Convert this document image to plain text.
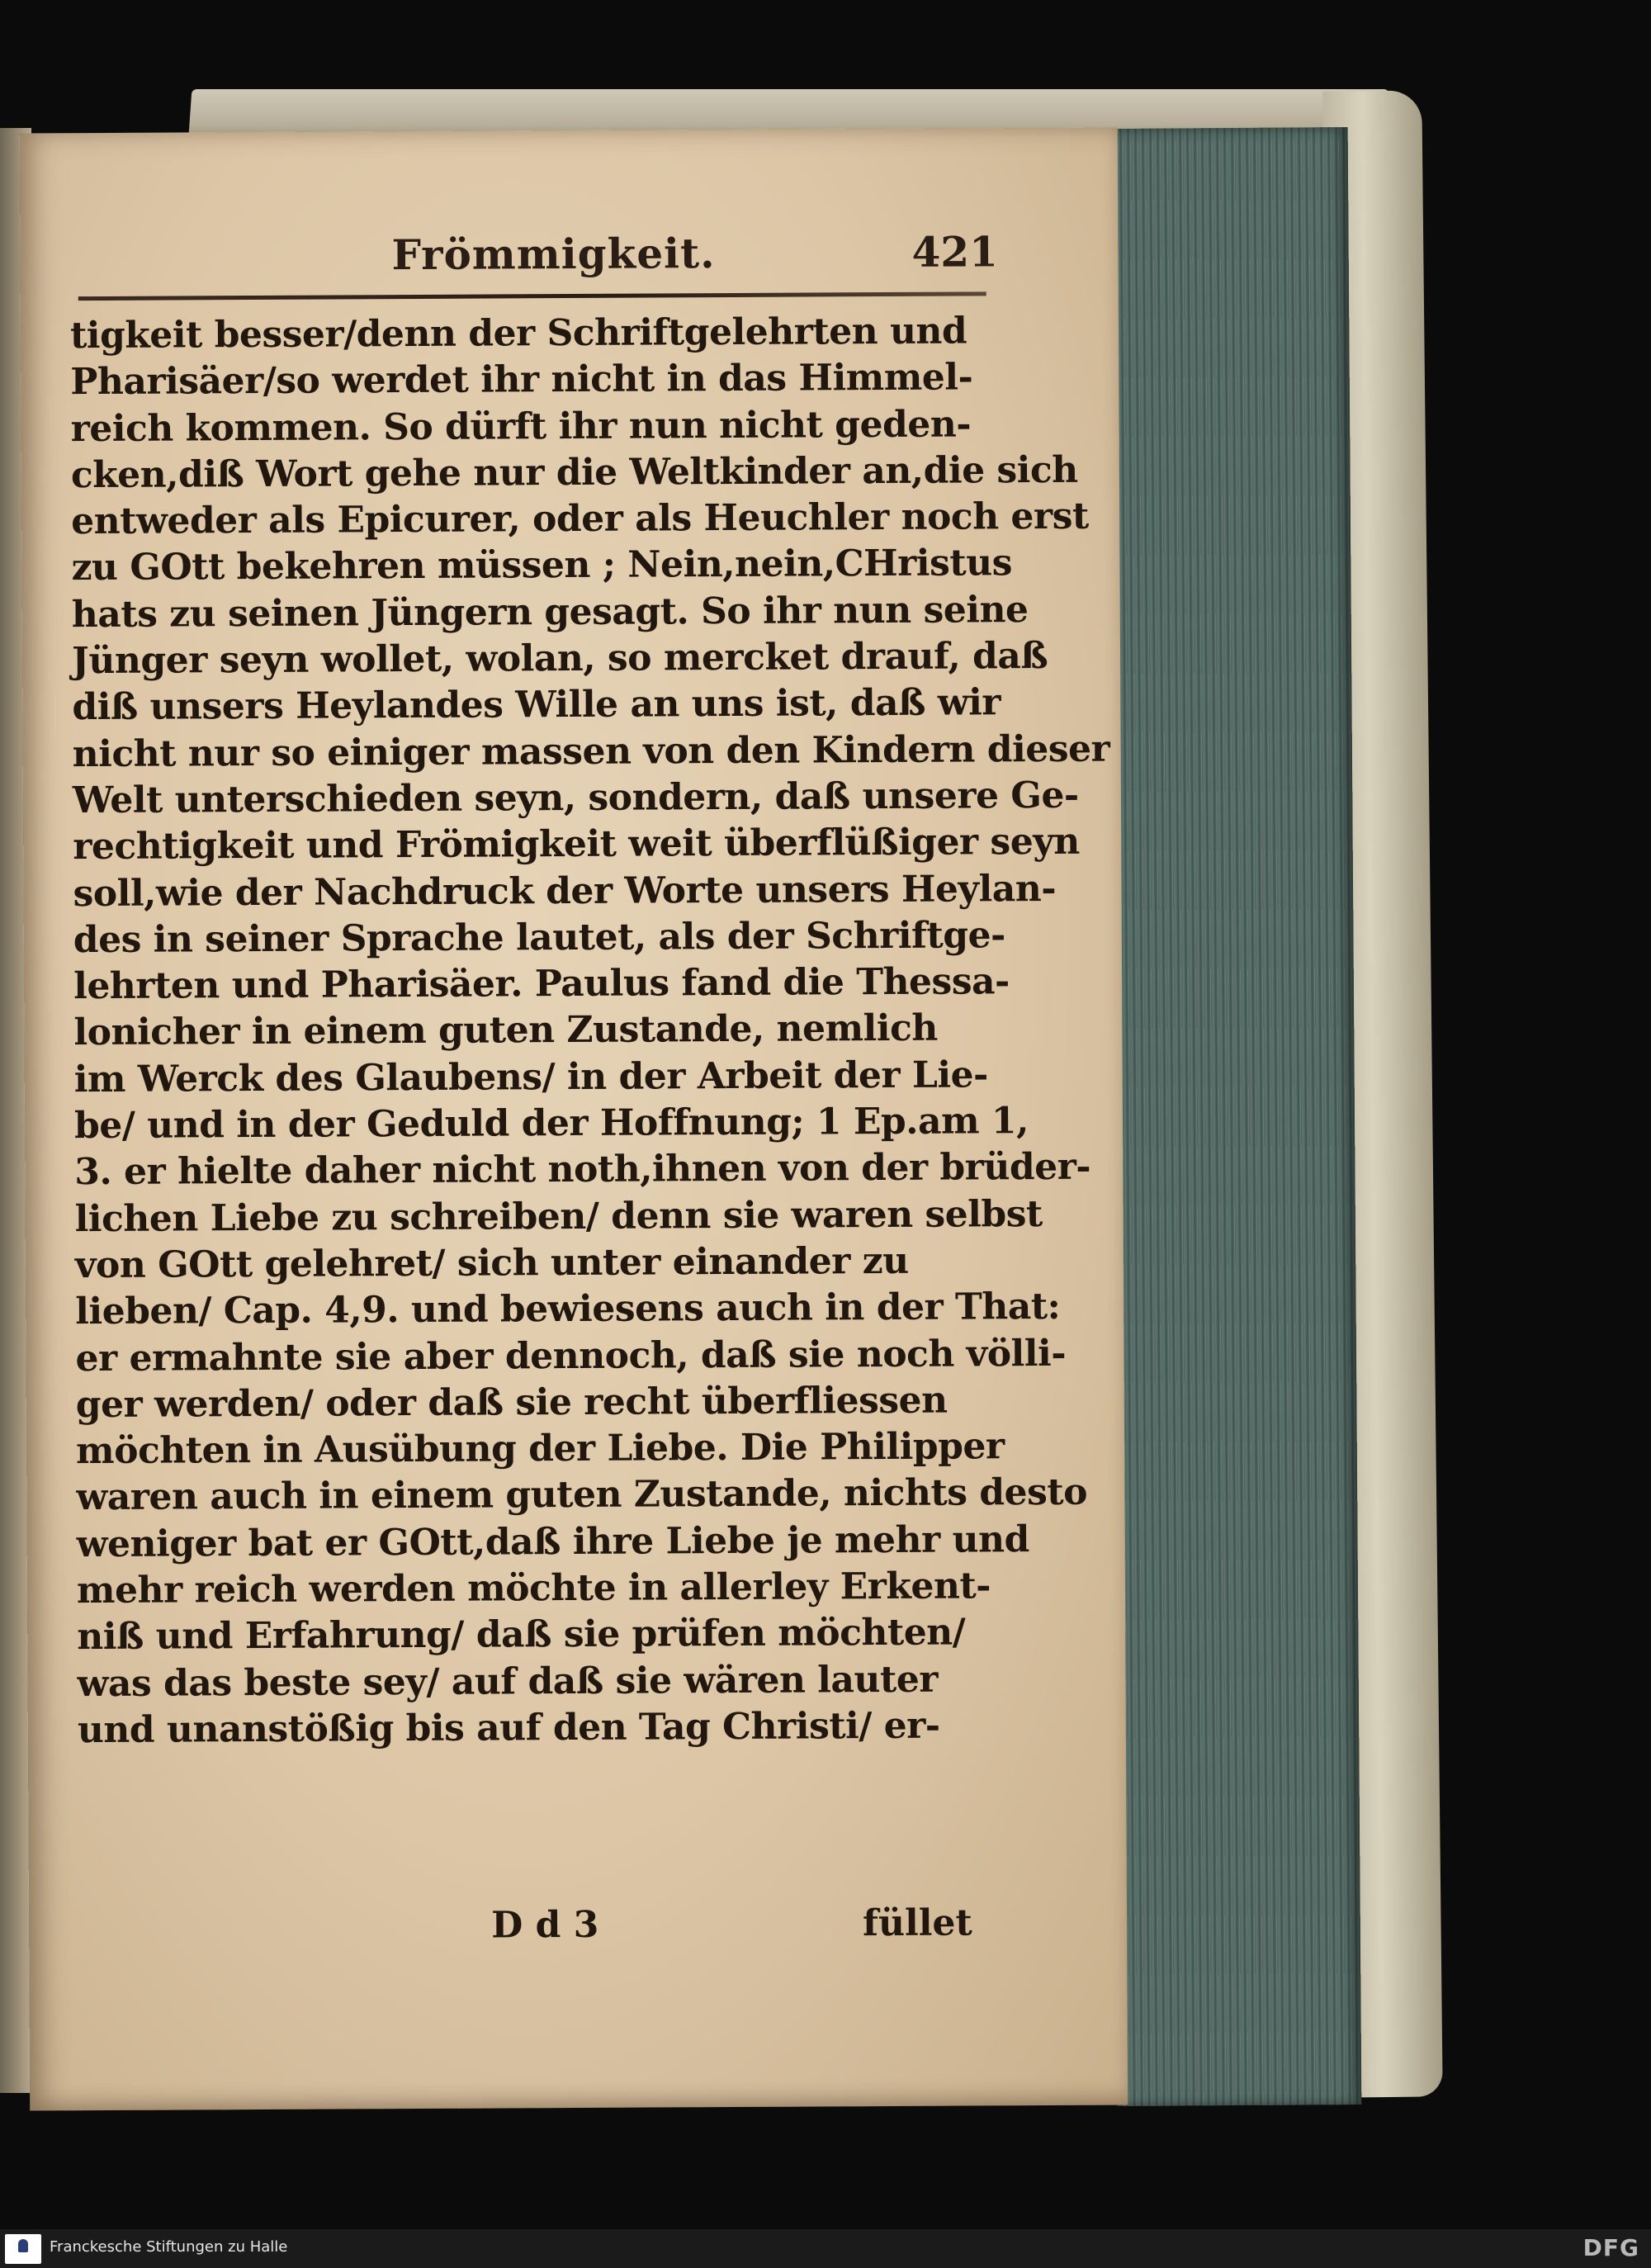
Frömmigkeit.	421
tigkeit besser/denn der Schriftgelehrten und
Pharisäer/so werdet ihr nicht in das Himmel-
reich kommen. So dürft ihr nun nicht geden-
cken,diß Wort gehe nur die Weltkinder an,die sich
entweder als Epicurer, oder als Heuchler noch erst
zu GOtt bekehren müssen ; Nein,nein,CHristus
hats zu seinen Jüngern gesagt. So ihr nun seine
Jünger seyn wollet, wolan, so mercket drauf, daß
diß unsers Heylandes Wille an uns ist, daß wir
nicht nur so einiger massen von den Kindern dieser
Welt unterschieden seyn, sondern, daß unsere Ge-
rechtigkeit und Frömigkeit weit überflüßiger seyn
soll,wie der Nachdruck der Worte unsers Heylan-
des in seiner Sprache lautet, als der Schriftge-
lehrten und Pharisäer. Paulus fand die Thessa-
lonicher in einem guten Zustande, nemlich
im Werck des Glaubens/ in der Arbeit der Lie-
be/ und in der Geduld der Hoffnung; 1 Ep.am 1,
3. er hielte daher nicht noth,ihnen von der brüder-
lichen Liebe zu schreiben/ denn sie waren selbst
von GOtt gelehret/ sich unter einander zu
lieben/ Cap. 4,9. und bewiesens auch in der That:
er ermahnte sie aber dennoch, daß sie noch völli-
ger werden/ oder daß sie recht überfliessen
möchten in Ausübung der Liebe. Die Philipper
waren auch in einem guten Zustande, nichts desto
weniger bat er GOtt,daß ihre Liebe je mehr und
mehr reich werden möchte in allerley Erkent-
niß und Erfahrung/ daß sie prüfen möchten/
was das beste sey/ auf daß sie wären lauter
und unanstößig bis auf den Tag Christi/ er-
D d 3	füllet
Franckesche Stiftungen zu Halle	DFG
